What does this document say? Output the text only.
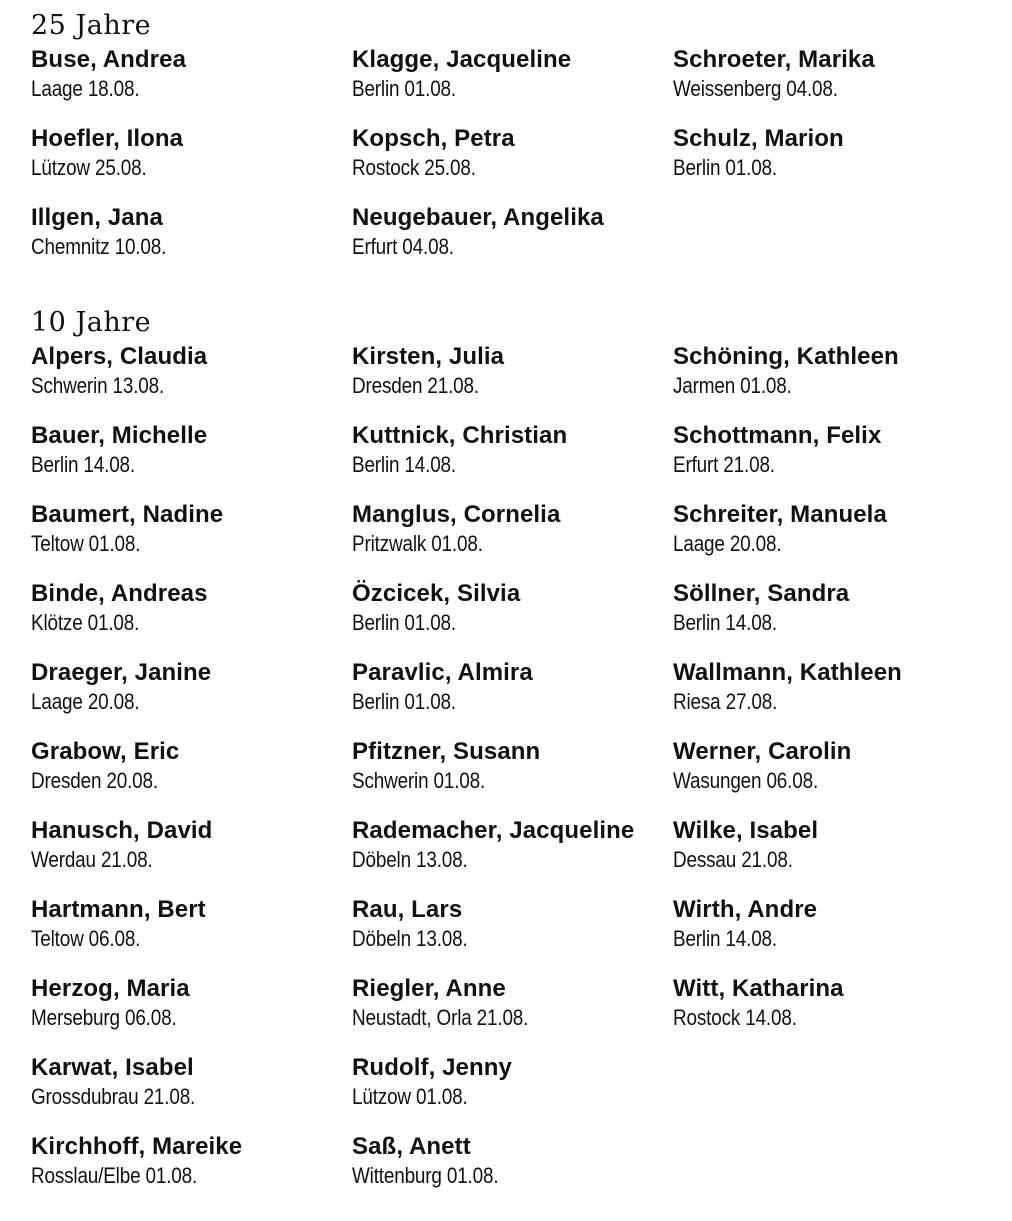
25 Jahre
Buse, Andrea
Laage 18.08.
Hoefler, Ilona
Lützow 25.08.
Illgen, Jana
Chemnitz 10.08.
Klagge, Jacqueline
Berlin 01.08.
Kopsch, Petra
Rostock 25.08.
Neugebauer, Angelika
Erfurt 04.08.
Schroeter, Marika
Weissenberg 04.08.
Schulz, Marion
Berlin 01.08.
10 Jahre
Alpers, Claudia
Schwerin 13.08.
Bauer, Michelle
Berlin 14.08.
Baumert, Nadine
Teltow 01.08.
Binde, Andreas
Klötze 01.08.
Draeger, Janine
Laage 20.08.
Grabow, Eric
Dresden 20.08.
Hanusch, David
Werdau 21.08.
Hartmann, Bert
Teltow 06.08.
Herzog, Maria
Merseburg 06.08.
Karwat, Isabel
Grossdubrau 21.08.
Kirchhoff, Mareike
Rosslau/Elbe 01.08.
Kirsten, Julia
Dresden 21.08.
Kuttnick, Christian
Berlin 14.08.
Manglus, Cornelia
Pritzwalk 01.08.
Özcicek, Silvia
Berlin 01.08.
Paravlic, Almira
Berlin 01.08.
Pfitzner, Susann
Schwerin 01.08.
Rademacher, Jacqueline
Döbeln 13.08.
Rau, Lars
Döbeln 13.08.
Riegler, Anne
Neustadt, Orla 21.08.
Rudolf, Jenny
Lützow 01.08.
Saß, Anett
Wittenburg 01.08.
Schöning, Kathleen
Jarmen 01.08.
Schottmann, Felix
Erfurt 21.08.
Schreiter, Manuela
Laage 20.08.
Söllner, Sandra
Berlin 14.08.
Wallmann, Kathleen
Riesa 27.08.
Werner, Carolin
Wasungen 06.08.
Wilke, Isabel
Dessau 21.08.
Wirth, Andre
Berlin 14.08.
Witt, Katharina
Rostock 14.08.
